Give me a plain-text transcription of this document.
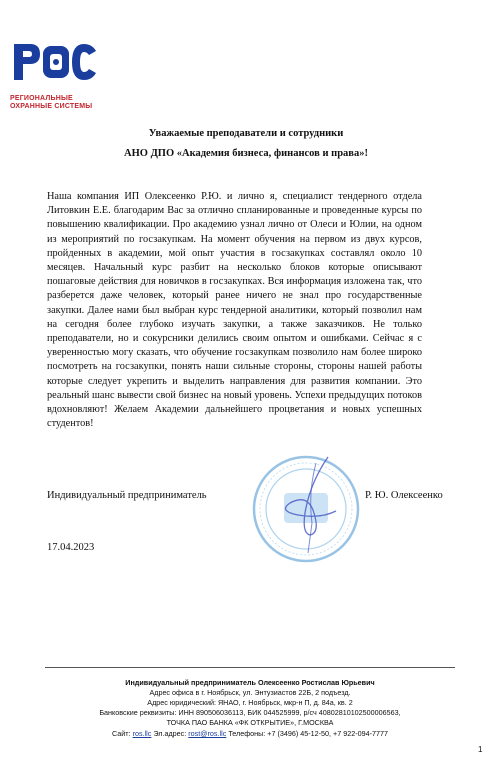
РЕГИОНАЛЬНЫЕ
ОХРАННЫЕ СИСТЕМЫ
Уважаемые преподаватели и сотрудники
АНО ДПО «Академия бизнеса, финансов и права»!

Наша компания ИП Олексеенко Р.Ю. и лично я, специалист тендерного отдела Литовкин Е.Е. благодарим Вас за отлично спланированные и проведенные курсы по повышению квалификации. Про академию узнал лично от Олеси и Юлии, на одном из мероприятий по госзакупкам. На момент обучения на первом из двух курсов, пройденных в академии, мой опыт участия в госзакупках составлял около 10 месяцев. Начальный курс разбит на несколько блоков которые описывают пошаговые действия для новичков в госзакупках. Вся информация изложена так, что разберется даже человек, который ранее ничего не знал про государственные закупки. Далее нами был выбран курс тендерной аналитики, который позволил нам на сегодня более глубоко изучать закупки, а также заказчиков. Не только преподаватели, но и сокурсники делились своим опытом и ошибками. Сейчас я с уверенностью могу сказать, что обучение госзакупкам позволило нам более широко посмотреть на госзакупки, понять наши сильные стороны, стороны нашей работы которые следует укрепить и выделить направления для развития компании. Это реальный шанс вывести свой бизнес на новый уровень. Успехи предыдущих потоков вдохновляют! Желаем Академии дальнейшего процветания и новых успешных студентов!

Индивидуальный предприниматель	Р. Ю. Олексеенко
17.04.2023
Индивидуальный предприниматель Олексеенко Ростислав Юрьевич
Адрес офиса в г. Ноябрьск, ул. Энтузиастов 22Б, 2 подъезд.
Адрес юридический: ЯНАО, г. Ноябрьск, мкр-н П, д. 84а, кв. 2
Банковские реквизиты: ИНН 890506036113, БИК 044525999, р/сч 40802810102500006563,
ТОЧКА ПАО БАНКА «ФК ОТКРЫТИЕ», Г.МОСКВА
Сайт: ros.llc Эл.адрес: rost@ros.llc Телефоны: +7 (3496) 45-12-50, +7 922-094-7777
1
